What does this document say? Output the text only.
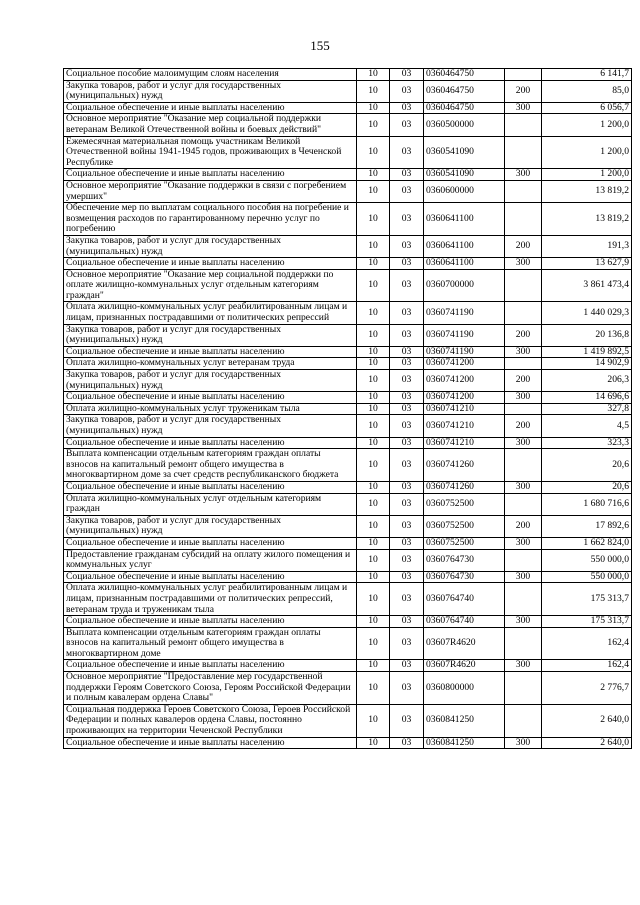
155
Социальное пособие малоимущим слоям населения	10	03	0360464750		6 141,7
Закупка товаров, работ и услуг для государственных (муниципальных) нужд	10	03	0360464750	200	85,0
Социальное обеспечение и иные выплаты населению	10	03	0360464750	300	6 056,7
Основное мероприятие "Оказание мер социальной поддержки ветеранам Великой Отечественной войны и боевых действий"	10	03	0360500000		1 200,0
Ежемесячная материальная помощь участникам Великой Отечественной войны 1941-1945 годов, проживающих в Чеченской Республике	10	03	0360541090		1 200,0
Социальное обеспечение и иные выплаты населению	10	03	0360541090	300	1 200,0
Основное мероприятие "Оказание поддержки в связи с погребением умерших"	10	03	0360600000		13 819,2
Обеспечение мер по выплатам социального пособия на погребение и возмещения расходов по гарантированному перечню услуг по погребению	10	03	0360641100		13 819,2
Закупка товаров, работ и услуг для государственных (муниципальных) нужд	10	03	0360641100	200	191,3
Социальное обеспечение и иные выплаты населению	10	03	0360641100	300	13 627,9
Основное мероприятие "Оказание мер социальной поддержки по оплате жилищно-коммунальных услуг отдельным категориям граждан"	10	03	0360700000		3 861 473,4
Оплата жилищно-коммунальных услуг реабилитированным лицам и лицам, признанных пострадавшими от политических репрессий	10	03	0360741190		1 440 029,3
Закупка товаров, работ и услуг для государственных (муниципальных) нужд	10	03	0360741190	200	20 136,8
Социальное обеспечение и иные выплаты населению	10	03	0360741190	300	1 419 892,5
Оплата жилищно-коммунальных услуг ветеранам труда	10	03	0360741200		14 902,9
Закупка товаров, работ и услуг для государственных (муниципальных) нужд	10	03	0360741200	200	206,3
Социальное обеспечение и иные выплаты населению	10	03	0360741200	300	14 696,6
Оплата жилищно-коммунальных услуг труженикам тыла	10	03	0360741210		327,8
Закупка товаров, работ и услуг для государственных (муниципальных) нужд	10	03	0360741210	200	4,5
Социальное обеспечение и иные выплаты населению	10	03	0360741210	300	323,3
Выплата компенсации отдельным категориям граждан оплаты взносов на капитальный ремонт общего имущества в многоквартирном доме за счет средств республиканского бюджета	10	03	0360741260		20,6
Социальное обеспечение и иные выплаты населению	10	03	0360741260	300	20,6
Оплата жилищно-коммунальных услуг отдельным категориям граждан	10	03	0360752500		1 680 716,6
Закупка товаров, работ и услуг для государственных (муниципальных) нужд	10	03	0360752500	200	17 892,6
Социальное обеспечение и иные выплаты населению	10	03	0360752500	300	1 662 824,0
Предоставление гражданам субсидий на оплату жилого помещения и коммунальных услуг	10	03	0360764730		550 000,0
Социальное обеспечение и иные выплаты населению	10	03	0360764730	300	550 000,0
Оплата жилищно-коммунальных услуг реабилитированным лицам и лицам, признанным пострадавшими от политических репрессий, ветеранам труда и труженикам тыла	10	03	0360764740		175 313,7
Социальное обеспечение и иные выплаты населению	10	03	0360764740	300	175 313,7
Выплата компенсации отдельным категориям граждан оплаты взносов на капитальный ремонт общего имущества в многоквартирном доме	10	03	03607R4620		162,4
Социальное обеспечение и иные выплаты населению	10	03	03607R4620	300	162,4
Основное мероприятие "Предоставление мер государственной поддержки Героям Советского Союза, Героям Российской Федерации и полным кавалерам ордена Славы"	10	03	0360800000		2 776,7
Социальная поддержка Героев Советского Союза, Героев Российской Федерации и полных кавалеров ордена Славы, постоянно проживающих на территории Чеченской Республики	10	03	0360841250		2 640,0
Социальное обеспечение и иные выплаты населению	10	03	0360841250	300	2 640,0
